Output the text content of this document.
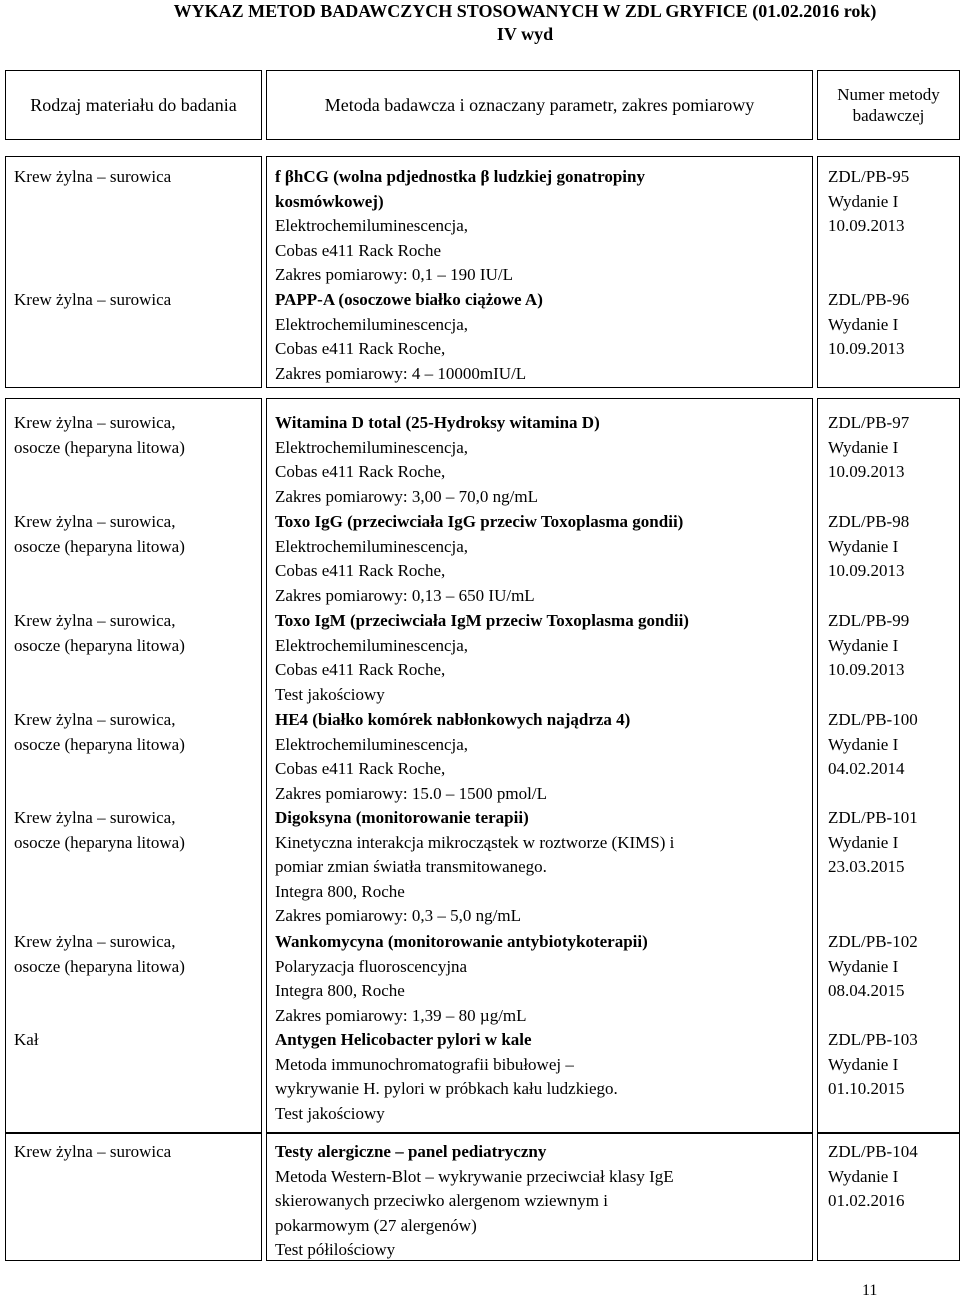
WYKAZ METOD BADAWCZYCH STOSOWANYCH W ZDL GRYFICE (01.02.2016 rok)
IV wyd
Rodzaj materiału do badania	Metoda badawcza i oznaczany parametr, zakres pomiarowy
Numer metody badawczej
Krew żylna – surowica
Krew żylna – surowica
f βhCG (wolna pdjednostka β ludzkiej gonatropiny kosmówkowej)
Elektrochemiluminescencja,
Cobas e411 Rack Roche
Zakres pomiarowy: 0,1 – 190 IU/L
PAPP-A (osoczowe białko ciążowe A)
Elektrochemiluminescencja,
Cobas e411 Rack Roche,
Zakres pomiarowy: 4 – 10000mIU/L
ZDL/PB-95
Wydanie I
10.09.2013
ZDL/PB-96
Wydanie I
10.09.2013
Krew żylna – surowica,
osocze (heparyna litowa)
Krew żylna – surowica,
osocze (heparyna litowa)
Krew żylna – surowica,
osocze (heparyna litowa)
Krew żylna – surowica,
osocze (heparyna litowa)
Krew żylna – surowica,
osocze (heparyna litowa)
Krew żylna – surowica,
osocze (heparyna litowa)
Kał
Witamina D total (25-Hydroksy witamina D)
Elektrochemiluminescencja,
Cobas e411 Rack Roche,
Zakres pomiarowy: 3,00 – 70,0 ng/mL
Toxo IgG (przeciwciała IgG przeciw Toxoplasma gondii)
Elektrochemiluminescencja,
Cobas e411 Rack Roche,
Zakres pomiarowy: 0,13 – 650 IU/mL
Toxo IgM (przeciwciała IgM przeciw Toxoplasma gondii)
Elektrochemiluminescencja,
Cobas e411 Rack Roche,
Test jakościowy
HE4 (białko komórek nabłonkowych najądrza 4)
Elektrochemiluminescencja,
Cobas e411 Rack Roche,
Zakres pomiarowy: 15.0 – 1500 pmol/L
Digoksyna (monitorowanie terapii)
Kinetyczna interakcja mikrocząstek w roztworze (KIMS) i
pomiar zmian światła transmitowanego.
Integra 800, Roche
Zakres pomiarowy: 0,3 – 5,0 ng/mL
Wankomycyna (monitorowanie antybiotykoterapii)
Polaryzacja fluoroscencyjna
Integra 800, Roche
Zakres pomiarowy: 1,39 – 80 µg/mL
Antygen Helicobacter pylori w kale
Metoda immunochromatografii bibułowej –
wykrywanie H. pylori w próbkach kału ludzkiego.
Test jakościowy
ZDL/PB-97
Wydanie I
10.09.2013
ZDL/PB-98
Wydanie I
10.09.2013
ZDL/PB-99
Wydanie I
10.09.2013
ZDL/PB-100
Wydanie I
04.02.2014
ZDL/PB-101
Wydanie I
23.03.2015
ZDL/PB-102
Wydanie I
08.04.2015
ZDL/PB-103
Wydanie I
01.10.2015
Krew żylna – surowica	Testy alergiczne – panel pediatryczny
Metoda Western-Blot – wykrywanie przeciwciał klasy IgE
skierowanych przeciwko alergenom wziewnym i
pokarmowym (27 alergenów)
Test półilościowy
ZDL/PB-104
Wydanie I
01.02.2016
11
